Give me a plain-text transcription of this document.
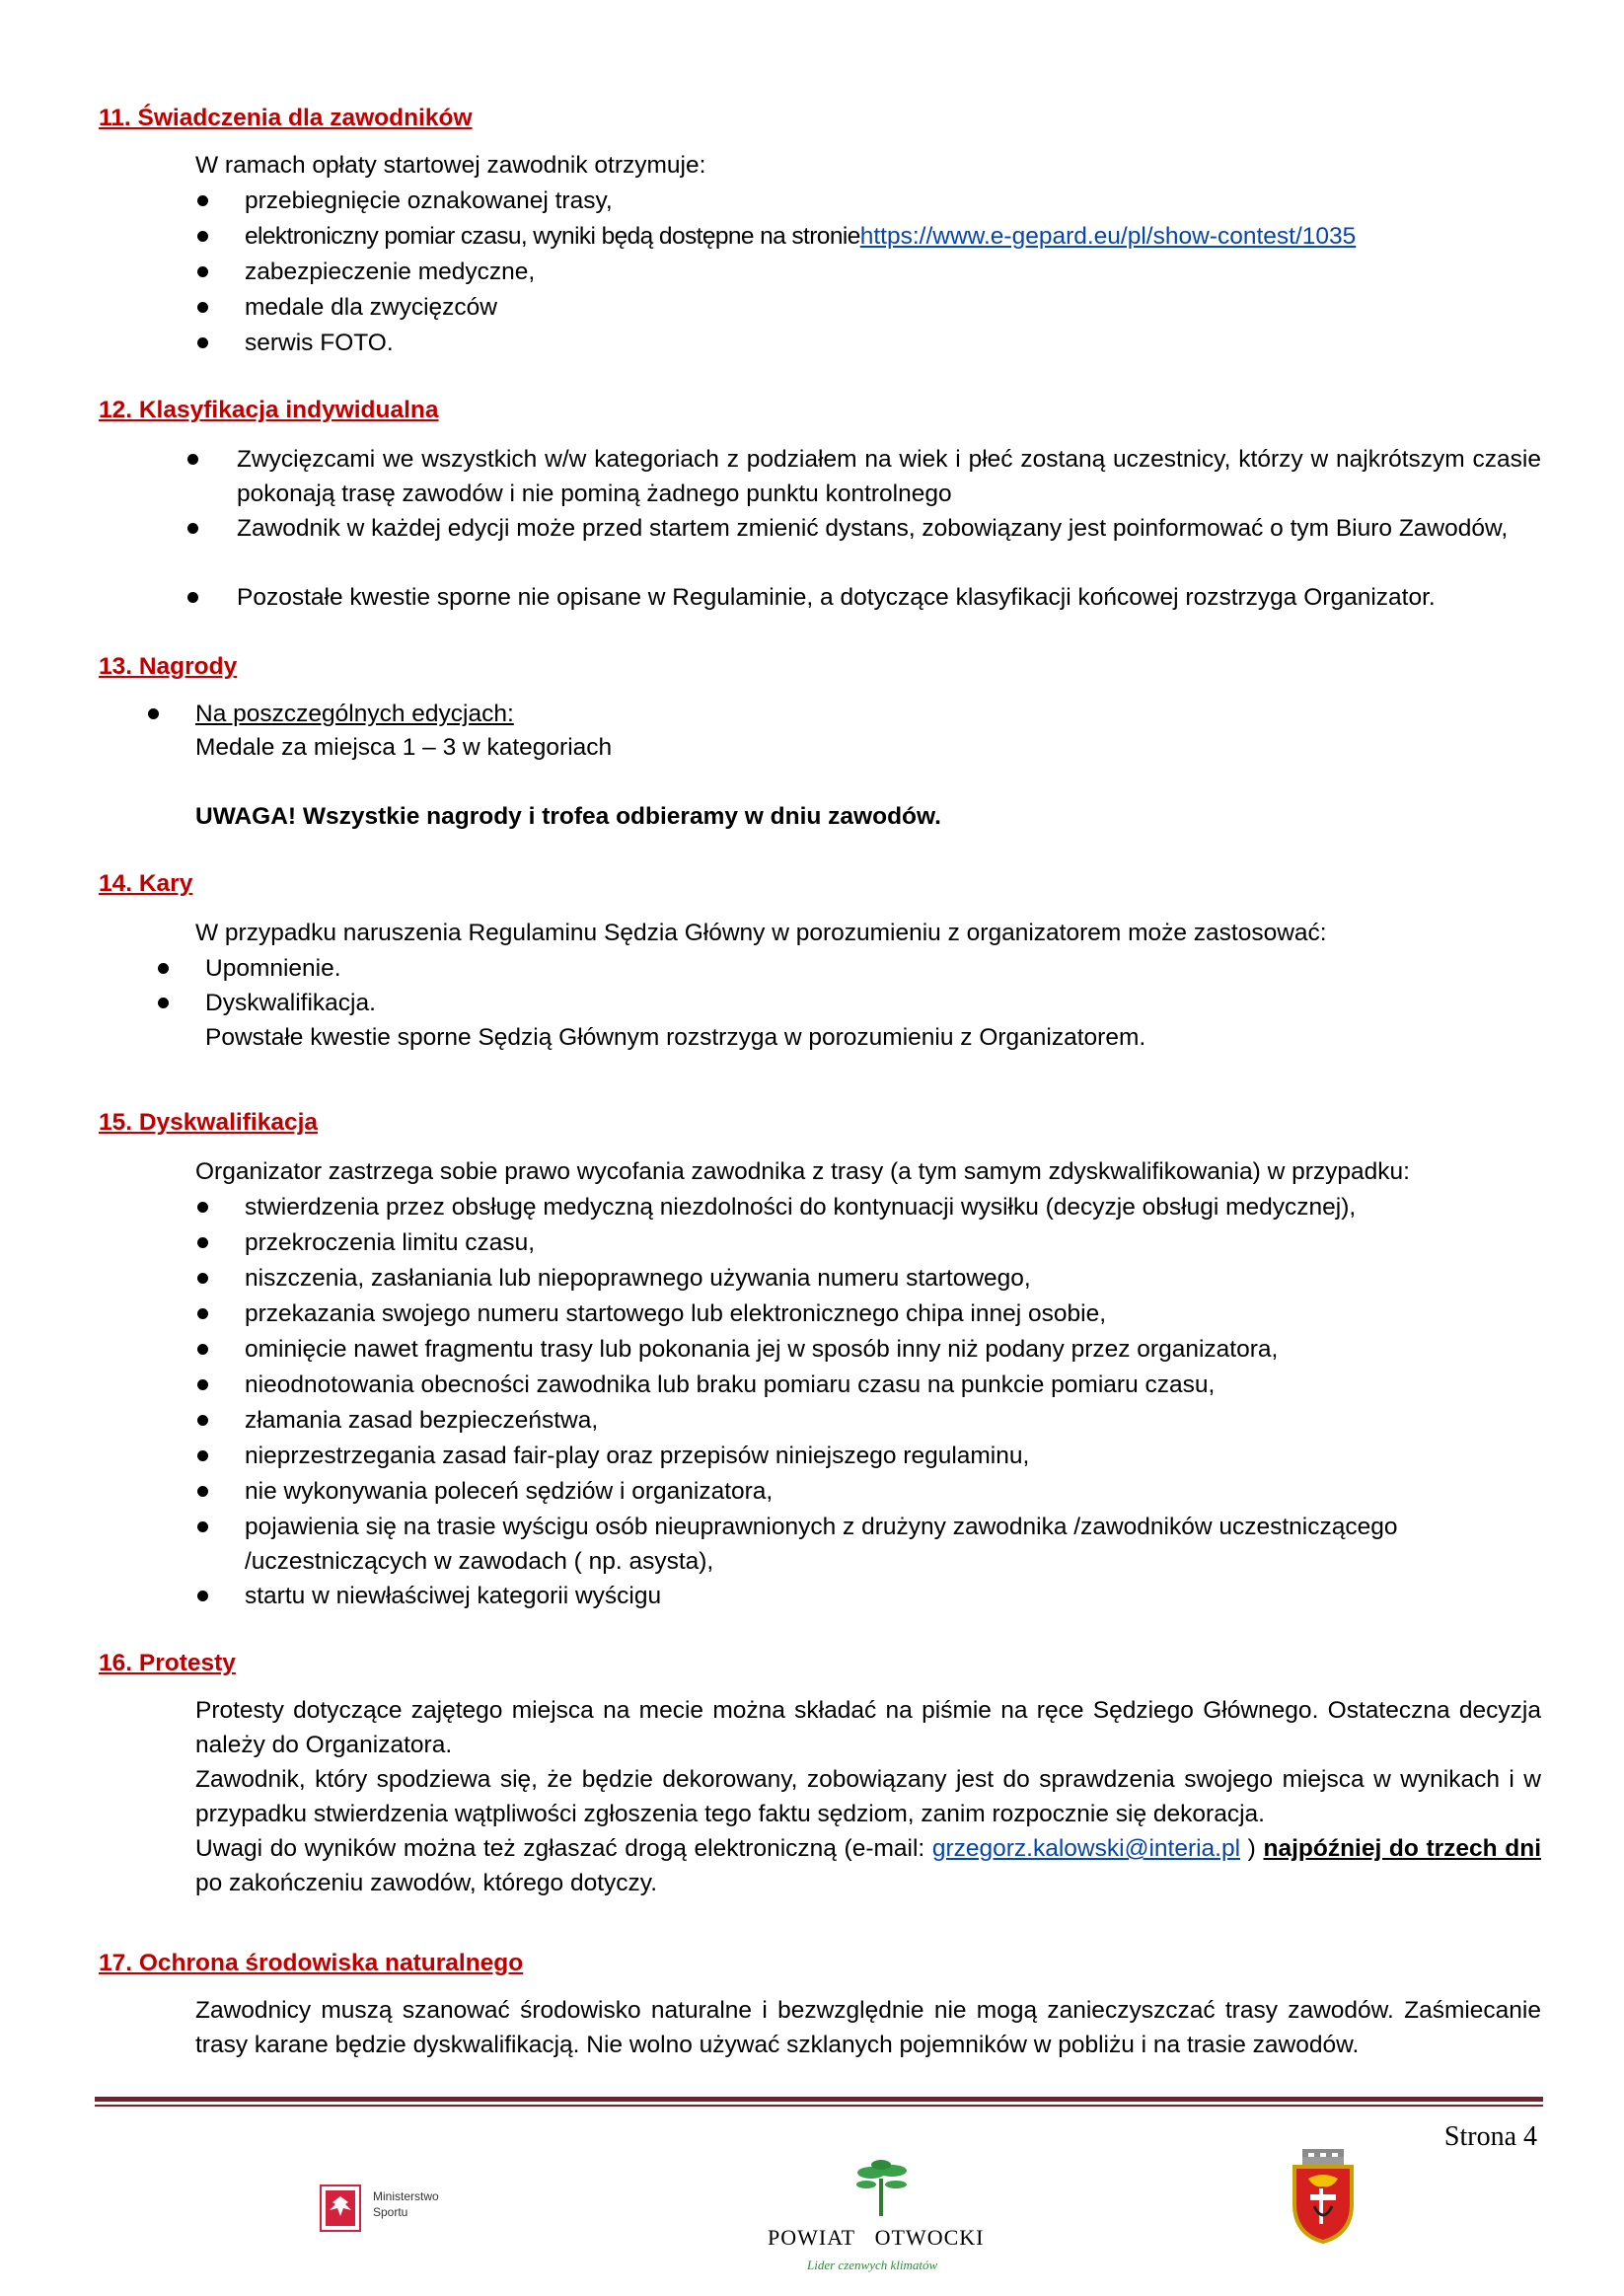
11. Świadczenia dla zawodników
W ramach opłaty startowej zawodnik otrzymuje:
przebiegnięcie oznakowanej trasy,
elektroniczny pomiar czasu, wyniki będą dostępne na stroniehttps://www.e-gepard.eu/pl/show-contest/1035
zabezpieczenie medyczne,
medale dla zwycięzców
serwis FOTO.
12. Klasyfikacja indywidualna
Zwycięzcami we wszystkich w/w kategoriach z podziałem na wiek i płeć zostaną uczestnicy, którzy w najkrótszym czasie pokonają trasę zawodów i nie pominą żadnego punktu kontrolnego
Zawodnik w każdej edycji może przed startem zmienić dystans, zobowiązany jest poinformować o tym Biuro Zawodów,
Pozostałe kwestie sporne nie opisane w Regulaminie, a dotyczące klasyfikacji końcowej rozstrzyga Organizator.
13. Nagrody
Na poszczególnych edycjach:
Medale za miejsca 1 – 3 w kategoriach
UWAGA! Wszystkie nagrody i trofea odbieramy w dniu zawodów.
14. Kary
W przypadku naruszenia Regulaminu Sędzia Główny w porozumieniu z organizatorem może zastosować:
Upomnienie.
Dyskwalifikacja.
Powstałe kwestie sporne Sędzią Głównym rozstrzyga w porozumieniu z Organizatorem.
15. Dyskwalifikacja
Organizator zastrzega sobie prawo wycofania zawodnika z trasy (a tym samym zdyskwalifikowania) w przypadku:
stwierdzenia przez obsługę medyczną niezdolności do kontynuacji wysiłku (decyzje obsługi medycznej),
przekroczenia limitu czasu,
niszczenia, zasłaniania lub niepoprawnego używania numeru startowego,
przekazania swojego numeru startowego lub elektronicznego chipa innej osobie,
ominięcie nawet fragmentu trasy lub pokonania jej w sposób inny niż podany przez organizatora,
nieodnotowania obecności zawodnika lub braku pomiaru czasu na punkcie pomiaru czasu,
złamania zasad bezpieczeństwa,
nieprzestrzegania zasad fair-play oraz przepisów niniejszego regulaminu,
nie wykonywania poleceń sędziów i organizatora,
pojawienia się na trasie wyścigu osób nieuprawnionych z drużyny zawodnika /zawodników uczestniczącego
/uczestniczących w zawodach ( np. asysta),
startu w niewłaściwej kategorii wyścigu
16. Protesty
Protesty dotyczące zajętego miejsca na mecie można składać na piśmie na ręce Sędziego Głównego. Ostateczna decyzja należy do Organizatora.
Zawodnik, który spodziewa się, że będzie dekorowany, zobowiązany jest do sprawdzenia swojego miejsca w wynikach i w przypadku stwierdzenia wątpliwości zgłoszenia tego faktu sędziom, zanim rozpocznie się dekoracja.
Uwagi do wyników można też zgłaszać drogą elektroniczną (e-mail: grzegorz.kalowski@interia.pl ) najpóźniej do trzech dni po zakończeniu zawodów, którego dotyczy.
17. Ochrona środowiska naturalnego
Zawodnicy muszą szanować środowisko naturalne i bezwzględnie nie mogą zanieczyszczać trasy zawodów. Zaśmiecanie trasy karane będzie dyskwalifikacją. Nie wolno używać szklanych pojemników w pobliżu i na trasie zawodów.
Strona 4
Ministerstwo
Sportu
POWIAT OTWOCKI
Lider czenwych klimatów
